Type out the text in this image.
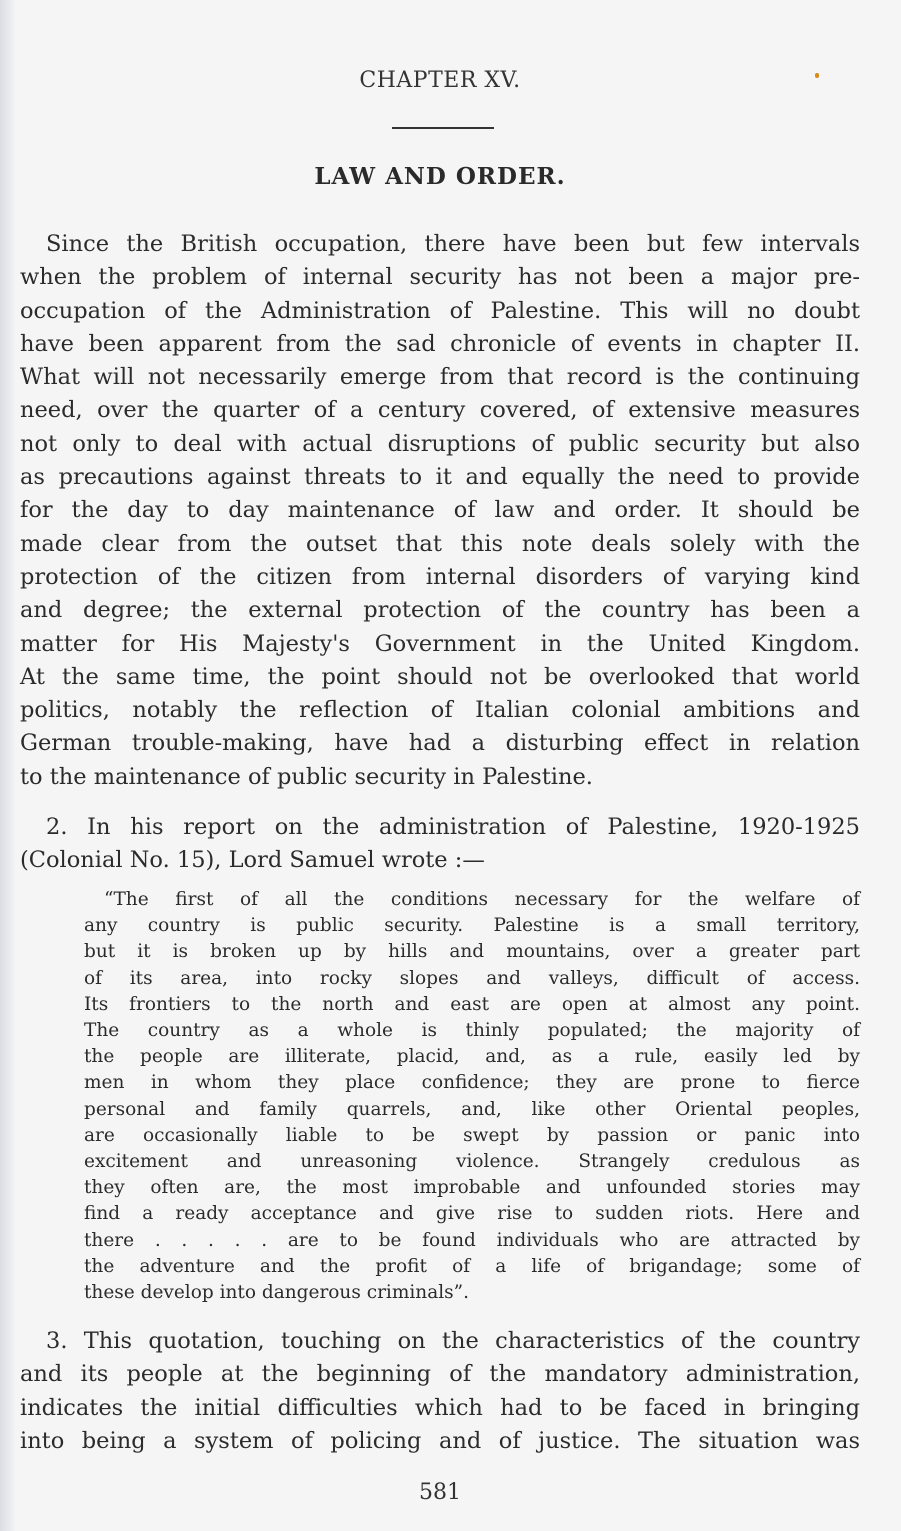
CHAPTER XV.
LAW AND ORDER.
Since the British occupation, there have been but few intervals
when the problem of internal security has not been a major pre-
occupation of the Administration of Palestine. This will no doubt
have been apparent from the sad chronicle of events in chapter II.
What will not necessarily emerge from that record is the continuing
need, over the quarter of a century covered, of extensive measures
not only to deal with actual disruptions of public security but also
as precautions against threats to it and equally the need to provide
for the day to day maintenance of law and order. It should be
made clear from the outset that this note deals solely with the
protection of the citizen from internal disorders of varying kind
and degree; the external protection of the country has been a
matter for His Majesty's Government in the United Kingdom.
At the same time, the point should not be overlooked that world
politics, notably the reflection of Italian colonial ambitions and
German trouble-making, have had a disturbing effect in relation
to the maintenance of public security in Palestine.
2. In his report on the administration of Palestine, 1920-1925
(Colonial No. 15), Lord Samuel wrote :—
“The first of all the conditions necessary for the welfare of
any country is public security. Palestine is a small territory,
but it is broken up by hills and mountains, over a greater part
of its area, into rocky slopes and valleys, difficult of access.
Its frontiers to the north and east are open at almost any point.
The country as a whole is thinly populated; the majority of
the people are illiterate, placid, and, as a rule, easily led by
men in whom they place confidence; they are prone to fierce
personal and family quarrels, and, like other Oriental peoples,
are occasionally liable to be swept by passion or panic into
excitement and unreasoning violence. Strangely credulous as
they often are, the most improbable and unfounded stories may
find a ready acceptance and give rise to sudden riots. Here and
there . . . . . are to be found individuals who are attracted by
the adventure and the profit of a life of brigandage; some of
these develop into dangerous criminals”.
3. This quotation, touching on the characteristics of the country
and its people at the beginning of the mandatory administration,
indicates the initial difficulties which had to be faced in bringing
into being a system of policing and of justice. The situation was
581
